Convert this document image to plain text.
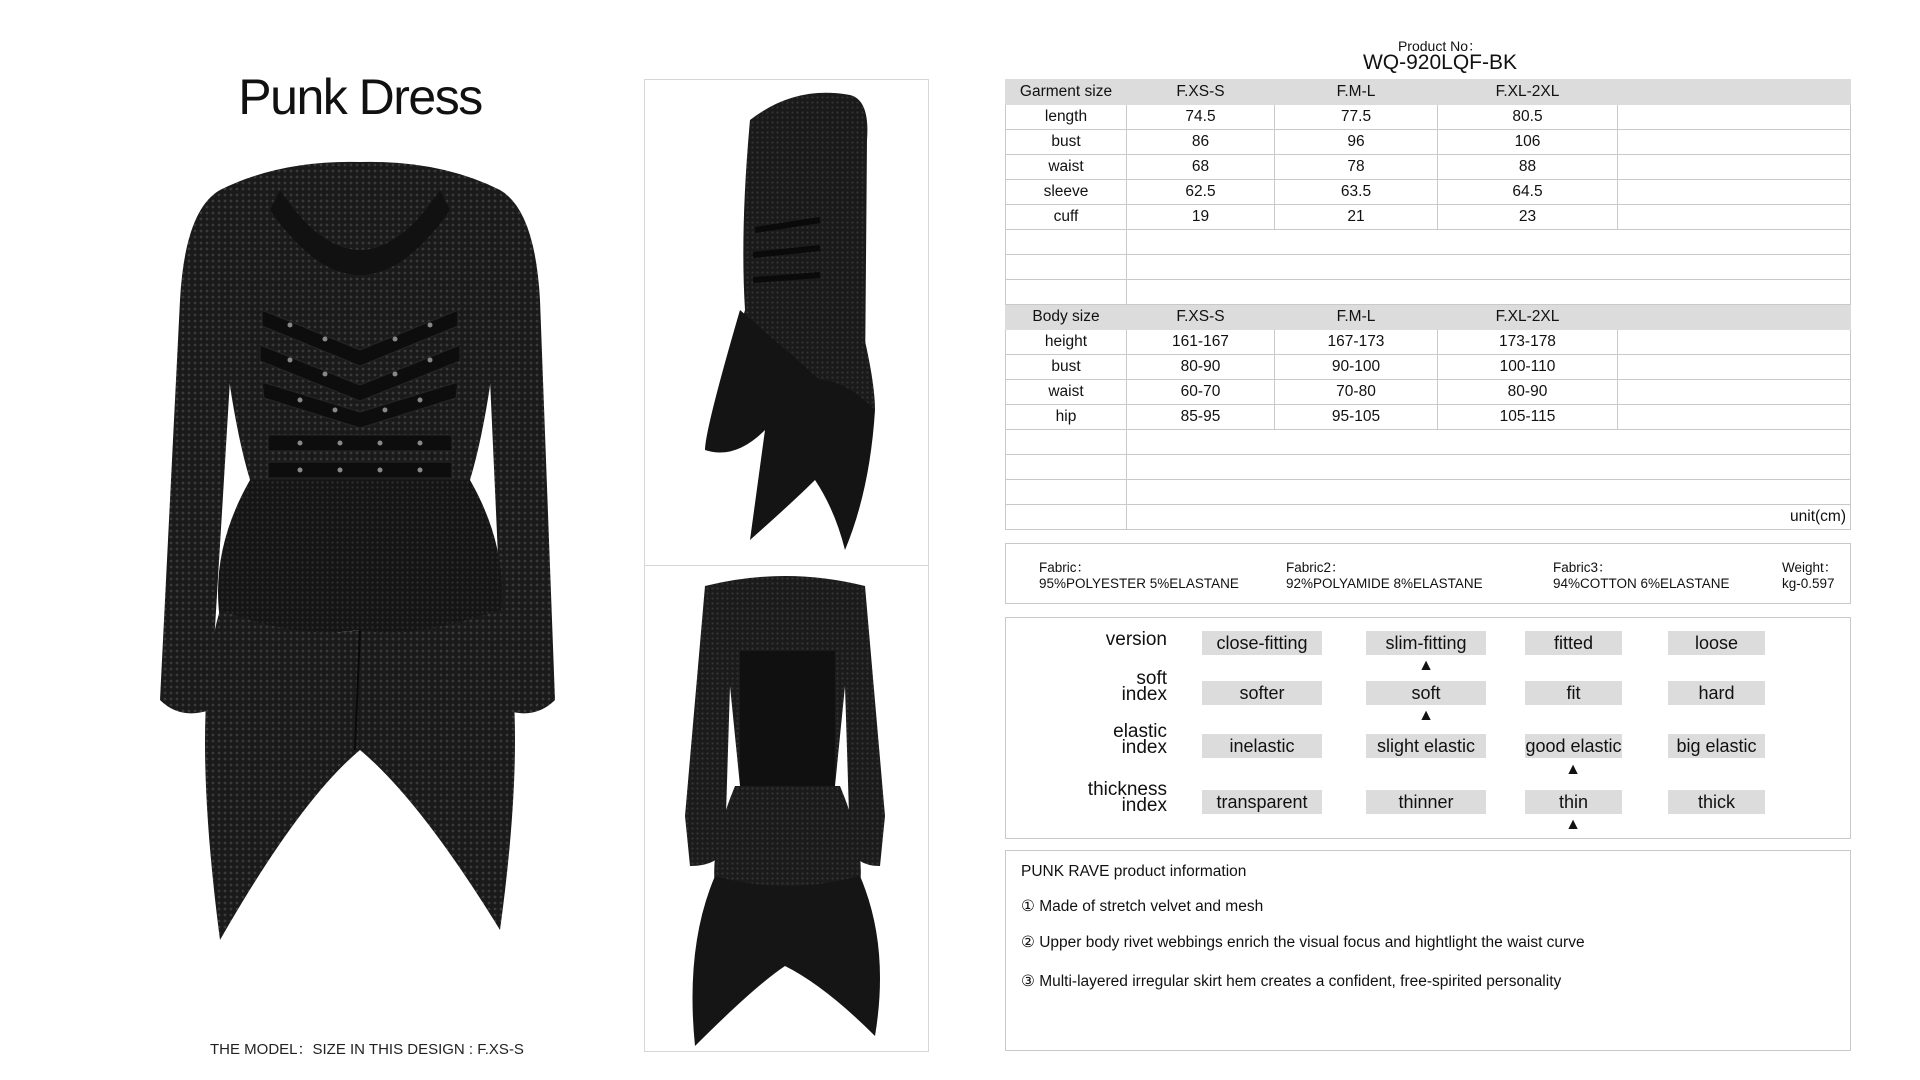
Punk Dress
THE MODEL：SIZE IN THIS DESIGN : F.XS-S
Product No：
WQ-920LQF-BK
Garment size	F.XS-S	F.M-L	F.XL-2XL	
length	74.5	77.5	80.5	
bust	86	96	106	
waist	68	78	88	
sleeve	62.5	63.5	64.5	
cuff	19	21	23	

Body size	F.XS-S	F.M-L	F.XL-2XL	
height	161-167	167-173	173-178	
bust	80-90	90-100	100-110	
waist	60-70	70-80	80-90	
hip	85-95	95-105	105-115	

	unit(cm)			
Fabric：
95%POLYESTER 5%ELASTANE
Fabric2：
92%POLYAMIDE 8%ELASTANE
Fabric3：
94%COTTON 6%ELASTANE
Weight：
kg-0.597
version	close-fitting	slim-fitting	fitted	loose
▲
soft
index	softer	soft	fit	hard
▲
elastic
index	inelastic	slight elastic	good elastic	big elastic
▲
thickness
index	transparent	thinner	thin	thick
▲
PUNK RAVE product information
① Made of stretch velvet and mesh
② Upper body rivet webbings enrich the visual focus and hightlight the waist curve
③ Multi-layered irregular skirt hem creates a confident, free-spirited personality
